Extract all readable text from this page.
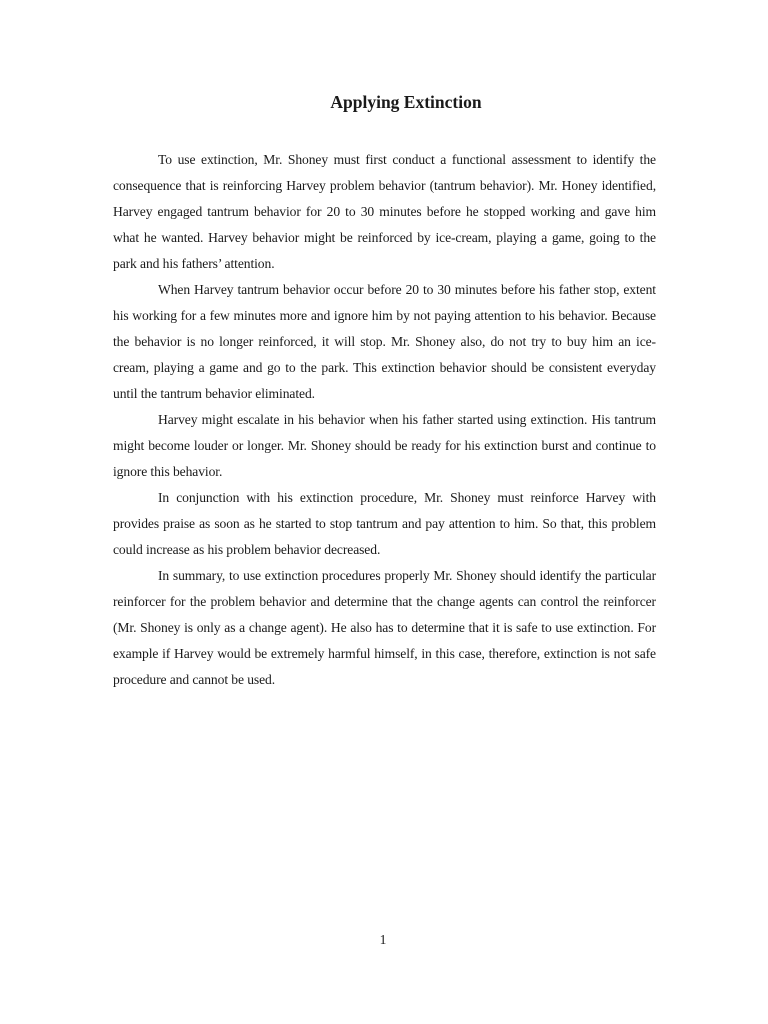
Applying Extinction

To use extinction, Mr. Shoney must first conduct a functional assessment to identify the consequence that is reinforcing Harvey problem behavior (tantrum behavior). Mr. Honey identified, Harvey engaged tantrum behavior for 20 to 30 minutes before he stopped working and gave him what he wanted. Harvey behavior might be reinforced by ice-cream, playing a game, going to the park and his fathers’ attention.

When Harvey tantrum behavior occur before 20 to 30 minutes before his father stop, extent his working for a few minutes more and ignore him by not paying attention to his behavior. Because the behavior is no longer reinforced, it will stop. Mr. Shoney also, do not try to buy him an ice-cream, playing a game and go to the park. This extinction behavior should be consistent everyday until the tantrum behavior eliminated.

Harvey might escalate in his behavior when his father started using extinction. His tantrum might become louder or longer. Mr. Shoney should be ready for his extinction burst and continue to ignore this behavior.

In conjunction with his extinction procedure, Mr. Shoney must reinforce Harvey with provides praise as soon as he started to stop tantrum and pay attention to him. So that, this problem could increase as his problem behavior decreased.

In summary, to use extinction procedures properly Mr. Shoney should identify the particular reinforcer for the problem behavior and determine that the change agents can control the reinforcer (Mr. Shoney is only as a change agent). He also has to determine that it is safe to use extinction. For example if Harvey would be extremely harmful himself, in this case, therefore, extinction is not safe procedure and cannot be used.

1
